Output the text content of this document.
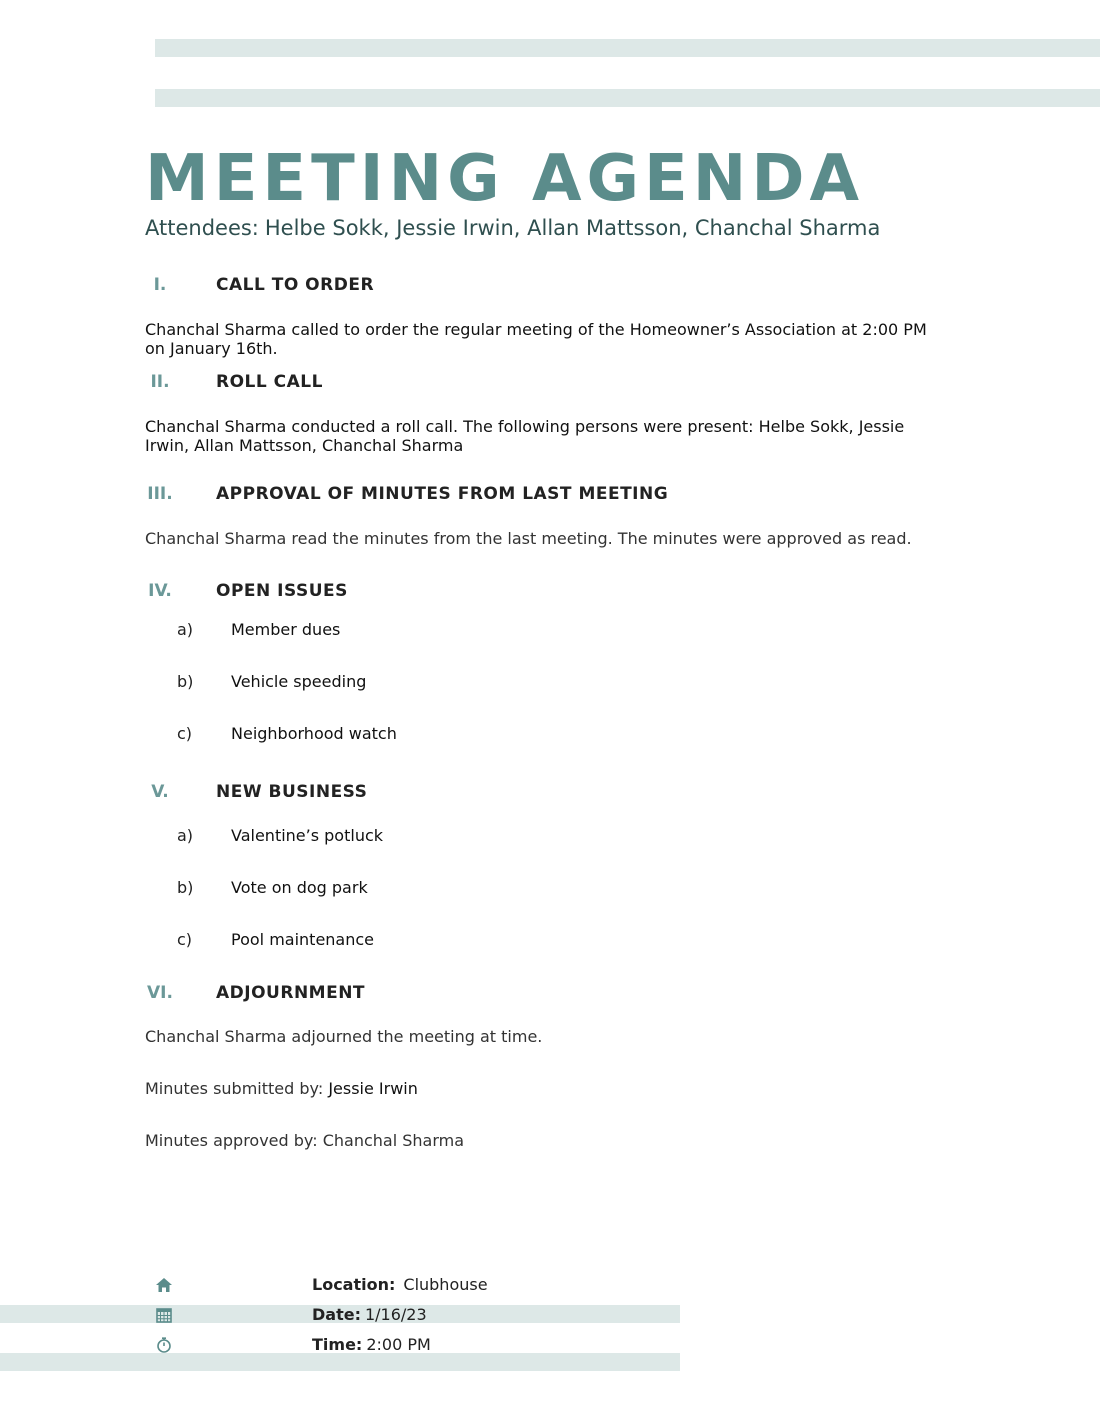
MEETING AGENDA

Attendees: Helbe Sokk, Jessie Irwin, Allan Mattsson, Chanchal Sharma

I.	CALL TO ORDER

Chanchal Sharma called to order the regular meeting of the Homeowner’s Association at 2:00 PM on January 16th.

II.	ROLL CALL

Chanchal Sharma conducted a roll call. The following persons were present: Helbe Sokk, Jessie Irwin, Allan Mattsson, Chanchal Sharma

III.	APPROVAL OF MINUTES FROM LAST MEETING

Chanchal Sharma read the minutes from the last meeting. The minutes were approved as read.

IV.	OPEN ISSUES
a) Member dues
b) Vehicle speeding
c) Neighborhood watch
V.	NEW BUSINESS
a) Valentine’s potluck
b) Vote on dog park
c) Pool maintenance
VI.	ADJOURNMENT

Chanchal Sharma adjourned the meeting at time.

Minutes submitted by: Jessie Irwin

Minutes approved by: Chanchal Sharma

Location: Clubhouse
Date: 1/16/23
Time: 2:00 PM
